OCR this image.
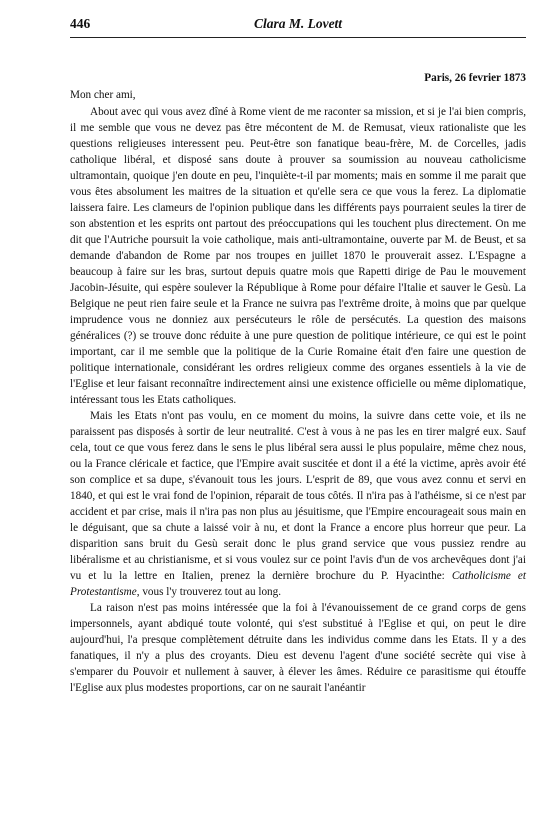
446	Clara M. Lovett
Paris, 26 fevrier 1873
Mon cher ami,

About avec qui vous avez dîné à Rome vient de me raconter sa mission, et si je l'ai bien compris, il me semble que vous ne devez pas être mécontent de M. de Remusat, vieux rationaliste que les questions religieuses interessent peu. Peut-être son fanatique beau-frère, M. de Corcelles, jadis catholique libéral, et disposé sans doute à prouver sa soumission au nouveau catholicisme ultramontain, quoique j'en doute en peu, l'inquiète-t-il par moments; mais en somme il me parait que vous êtes absolument les maitres de la situation et qu'elle sera ce que vous la ferez. La diplomatie laissera faire. Les clameurs de l'opinion publique dans les différents pays pourraient seules la tirer de son abstention et les esprits ont partout des préoccupations qui les touchent plus directement. On me dit que l'Autriche poursuit la voie catholique, mais anti-ultramontaine, ouverte par M. de Beust, et sa demande d'abandon de Rome par nos troupes en juillet 1870 le prouverait assez. L'Espagne a beaucoup à faire sur les bras, surtout depuis quatre mois que Rapetti dirige de Pau le mouvement Jacobin-Jésuite, qui espère soulever la République à Rome pour défaire l'Italie et sauver le Gesù. La Belgique ne peut rien faire seule et la France ne suivra pas l'extrême droite, à moins que par quelque imprudence vous ne donniez aux persécuteurs le rôle de persécutés. La question des maisons généralices (?) se trouve donc réduite à une pure question de politique intérieure, ce qui est le point important, car il me semble que la politique de la Curie Romaine était d'en faire une question de politique internationale, considérant les ordres religieux comme des organes essentiels à la vie de l'Eglise et leur faisant reconnaître indirectement ainsi une existence officielle ou même diplomatique, intéressant tous les Etats catholiques.

Mais les Etats n'ont pas voulu, en ce moment du moins, la suivre dans cette voie, et ils ne paraissent pas disposés à sortir de leur neutralité. C'est à vous à ne pas les en tirer malgré eux. Sauf cela, tout ce que vous ferez dans le sens le plus libéral sera aussi le plus populaire, même chez nous, ou la France cléricale et factice, que l'Empire avait suscitée et dont il a été la victime, après avoir été son complice et sa dupe, s'évanouit tous les jours. L'esprit de 89, que vous avez connu et servi en 1840, et qui est le vrai fond de l'opinion, réparait de tous côtés. Il n'ira pas à l'athéisme, si ce n'est par accident et par crise, mais il n'ira pas non plus au jésuitisme, que l'Empire encourageait sous main en le déguisant, que sa chute a laissé voir à nu, et dont la France a encore plus horreur que peur. La disparition sans bruit du Gesù serait donc le plus grand service que vous pussiez rendre au libéralisme et au christianisme, et si vous voulez sur ce point l'avis d'un de vos archevêques dont j'ai vu et lu la lettre en Italien, prenez la dernière brochure du P. Hyacinthe: Catholicisme et Protestantisme, vous l'y trouverez tout au long.

La raison n'est pas moins intéressée que la foi à l'évanouissement de ce grand corps de gens impersonnels, ayant abdiqué toute volonté, qui s'est substitué à l'Eglise et qui, on peut le dire aujourd'hui, l'a presque complètement détruite dans les individus comme dans les Etats. Il y a des fanatiques, il n'y a plus des croyants. Dieu est devenu l'agent d'une société secrète qui vise à s'emparer du Pouvoir et nullement à sauver, à élever les âmes. Réduire ce parasitisme qui étouffe l'Eglise aux plus modestes proportions, car on ne saurait l'anéantir
